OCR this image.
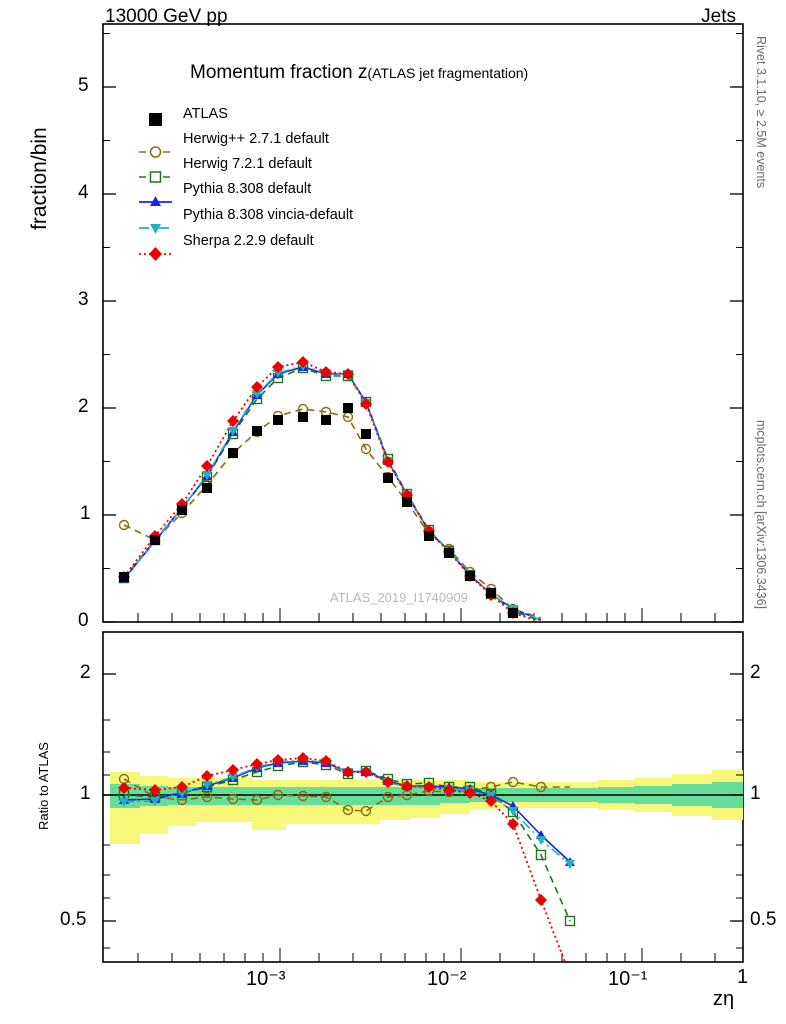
13000 GeV pp	Jets
Rivet 3.1.10, ≥ 2.5M events
mcplots.cern.ch [arXiv:1306.3436]
fraction/bin
Ratio to ATLAS
Momentum fraction z(ATLAS jet fragmentation)
ATLAS_2019_I1740909
ATLAS
Herwig++ 2.7.1 default
Herwig 7.2.1 default
Pythia 8.308 default
Pythia 8.308 vincia-default
Sherpa 2.2.9 default
0
1
2
3
4
5
2
1
0.5
2
1
0.5
10⁻³	10⁻²	10⁻¹	1
zη
